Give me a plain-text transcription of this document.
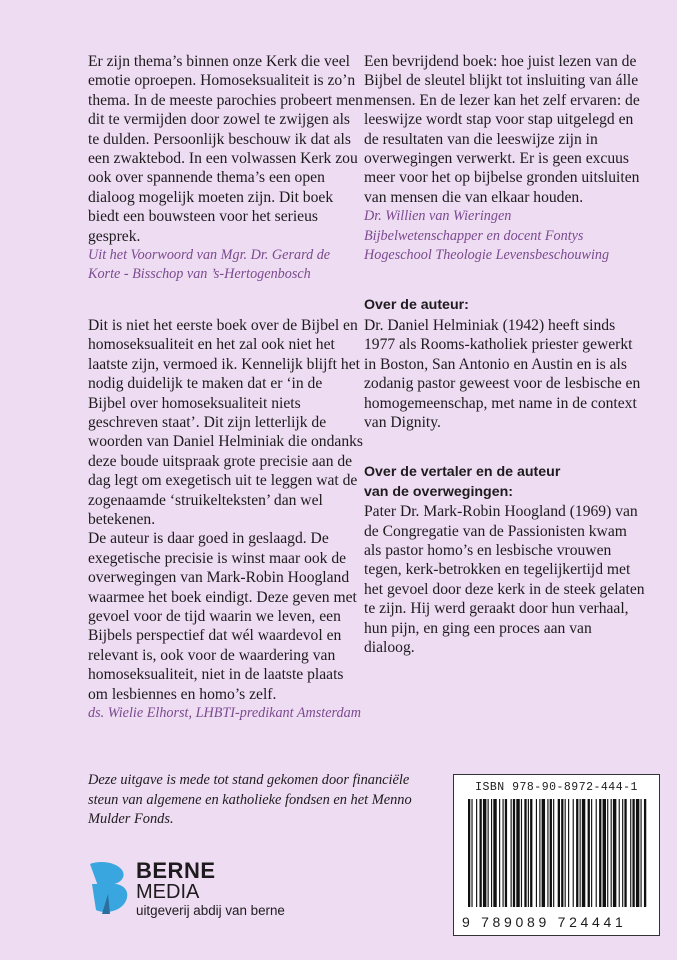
Er zijn thema’s binnen onze Kerk die veel emotie oproepen. Homoseksualiteit is zo’n thema. In de meeste parochies probeert men dit te vermijden door zowel te zwijgen als te dulden. Persoonlijk beschouw ik dat als een zwaktebod. In een volwassen Kerk zou ook over spannende thema’s een open dialoog mogelijk moeten zijn. Dit boek biedt een bouwsteen voor het serieus gesprek.

Uit het Voorwoord van Mgr. Dr. Gerard de Korte - Bisschop van ’s-Hertogenbosch

Dit is niet het eerste boek over de Bijbel en homoseksualiteit en het zal ook niet het laatste zijn, vermoed ik. Kennelijk blijft het nodig duidelijk te maken dat er ‘in de Bijbel over homoseksualiteit niets geschreven staat’. Dit zijn letterlijk de woorden van Daniel Helminiak die ondanks deze boude uitspraak grote precisie aan de dag legt om exegetisch uit te leggen wat de zogenaamde ‘struikelteksten’ dan wel betekenen.

De auteur is daar goed in geslaagd. De exegetische precisie is winst maar ook de overwegingen van Mark-Robin Hoogland waarmee het boek eindigt. Deze geven met gevoel voor de tijd waarin we leven, een Bijbels perspectief dat wél waardevol en relevant is, ook voor de waardering van homoseksualiteit, niet in de laatste plaats om lesbiennes en homo’s zelf.

ds. Wielie Elhorst, LHBTI-predikant Amsterdam

Een bevrijdend boek: hoe juist lezen van de Bijbel de sleutel blijkt tot insluiting van álle mensen. En de lezer kan het zelf ervaren: de leeswijze wordt stap voor stap uitgelegd en de resultaten van die leeswijze zijn in overwegingen verwerkt. Er is geen excuus meer voor het op bijbelse gronden uitsluiten van mensen die van elkaar houden.

Dr. Willien van Wieringen

Bijbelwetenschapper en docent Fontys Hogeschool Theologie Levensbeschouwing

Over de auteur:

Dr. Daniel Helminiak (1942) heeft sinds 1977 als Rooms-katholiek priester gewerkt in Boston, San Antonio en Austin en is als zodanig pastor geweest voor de lesbische en homogemeenschap, met name in de context van Dignity.

Over de vertaler en de auteur

van de overwegingen:

Pater Dr. Mark-Robin Hoogland (1969) van de Congregatie van de Passionisten kwam als pastor homo’s en lesbische vrouwen tegen, kerk-betrokken en tegelijkertijd met het gevoel door deze kerk in de steek gelaten te zijn. Hij werd geraakt door hun verhaal, hun pijn, en ging een proces aan van dialoog.

Deze uitgave is mede tot stand gekomen door financiële steun van algemene en katholieke fondsen en het Menno Mulder Fonds.

ISBN 978-90-8972-444-1
9 789089 724441

BERNE

MEDIA

uitgeverij abdij van berne
